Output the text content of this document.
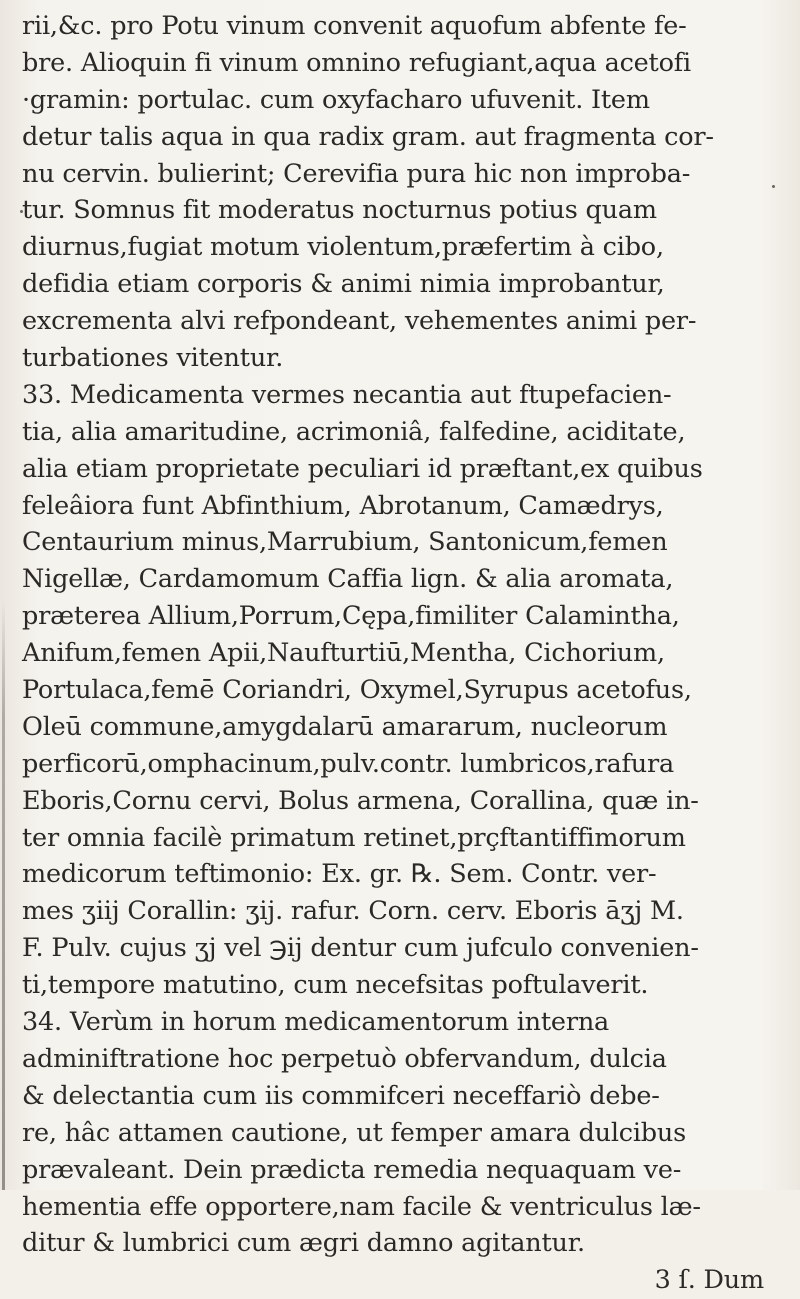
rii,&c. pro Potu vinum convenit aquofum abfente fe-
bre. Alioquin fi vinum omnino refugiant,aqua acetofi
·gramin: portulac. cum oxyfacharo ufuvenit. Item
detur talis aqua in qua radix gram. aut fragmenta cor-
nu cervin. bulierint; Cerevifia pura hic non improba-
tur. Somnus fit moderatus nocturnus potius quam
diurnus,fugiat motum violentum,præfertim à cibo,
defidia etiam corporis & animi nimia improbantur,
excrementa alvi refpondeant, vehementes animi per-
turbationes vitentur.
33. Medicamenta vermes necantia aut ftupefacien-
tia, alia amaritudine, acrimoniâ, falfedine, aciditate,
alia etiam proprietate peculiari id præftant,ex quibus
feleâiora funt Abfinthium, Abrotanum, Camædrys,
Centaurium minus,Marrubium, Santonicum,femen
Nigellæ, Cardamomum Caffia lign. & alia aromata,
præterea Allium,Porrum,Cępa,fimiliter Calamintha,
Anifum,femen Apii,Naufturtiū,Mentha, Cichorium,
Portulaca,femē Coriandri, Oxymel,Syrupus acetofus,
Oleū commune,amygdalarū amararum, nucleorum
perficorū,omphacinum,pulv.contr. lumbricos,rafura
Eboris,Cornu cervi, Bolus armena, Corallina, quæ in-
ter omnia facilè primatum retinet,prçftantiffimorum
medicorum teftimonio: Ex. gr. ℞. Sem. Contr. ver-
mes ʒiij Corallin: ʒij. rafur. Corn. cerv. Eboris āʒj M.
F. Pulv. cujus ʒj vel ℈ij dentur cum jufculo convenien-
ti,tempore matutino, cum necefsitas poftulaverit.
34. Verùm in horum medicamentorum interna
adminiftratione hoc perpetuò obfervandum, dulcia
& delectantia cum iis commifceri neceffariò debe-
re, hâc attamen cautione, ut femper amara dulcibus
prævaleant. Dein prædicta remedia nequaquam ve-
hementia effe opportere,nam facile & ventriculus læ-
ditur & lumbrici cum ægri damno agitantur.
3 ſ. Dum
